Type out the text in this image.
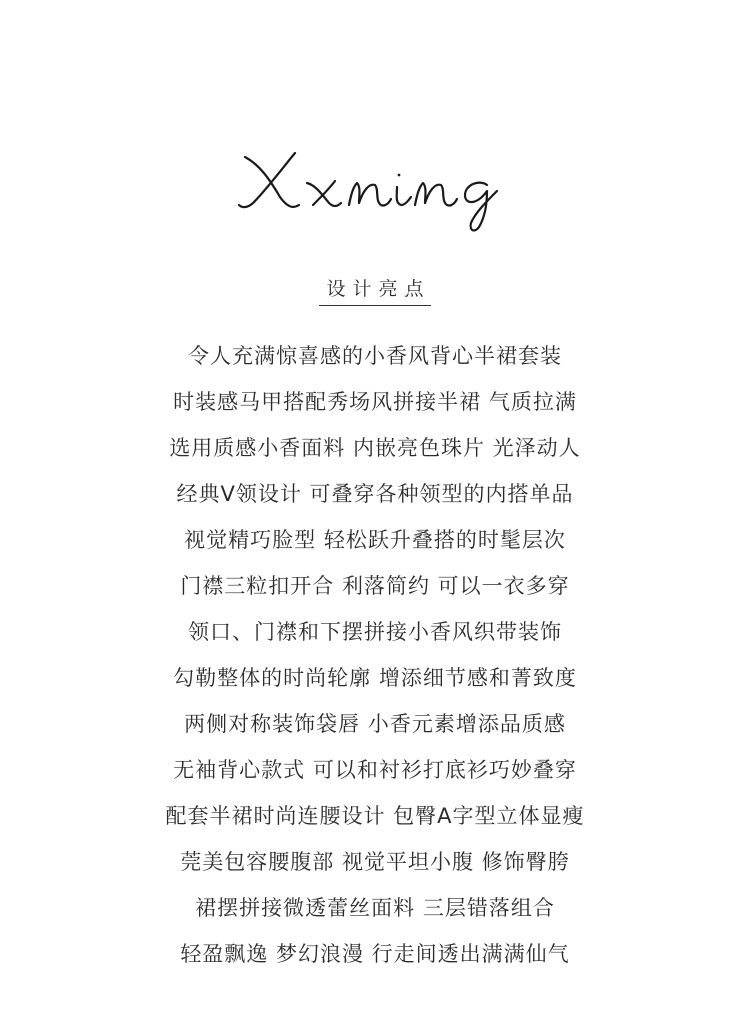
设计亮点
令人充满惊喜感的小香风背心半裙套装
时装感马甲搭配秀场风拼接半裙 气质拉满
选用质感小香面料 内嵌亮色珠片 光泽动人
经典V领设计 可叠穿各种领型的内搭单品
视觉精巧脸型 轻松跃升叠搭的时髦层次
门襟三粒扣开合 利落简约 可以一衣多穿
领口、门襟和下摆拼接小香风织带装饰
勾勒整体的时尚轮廓 增添细节感和菁致度
两侧对称装饰袋唇 小香元素增添品质感
无袖背心款式 可以和衬衫打底衫巧妙叠穿
配套半裙时尚连腰设计 包臀A字型立体显瘦
莞美包容腰腹部 视觉平坦小腹 修饰臀胯
裙摆拼接微透蕾丝面料 三层错落组合
轻盈飘逸 梦幻浪漫 行走间透出满满仙气
